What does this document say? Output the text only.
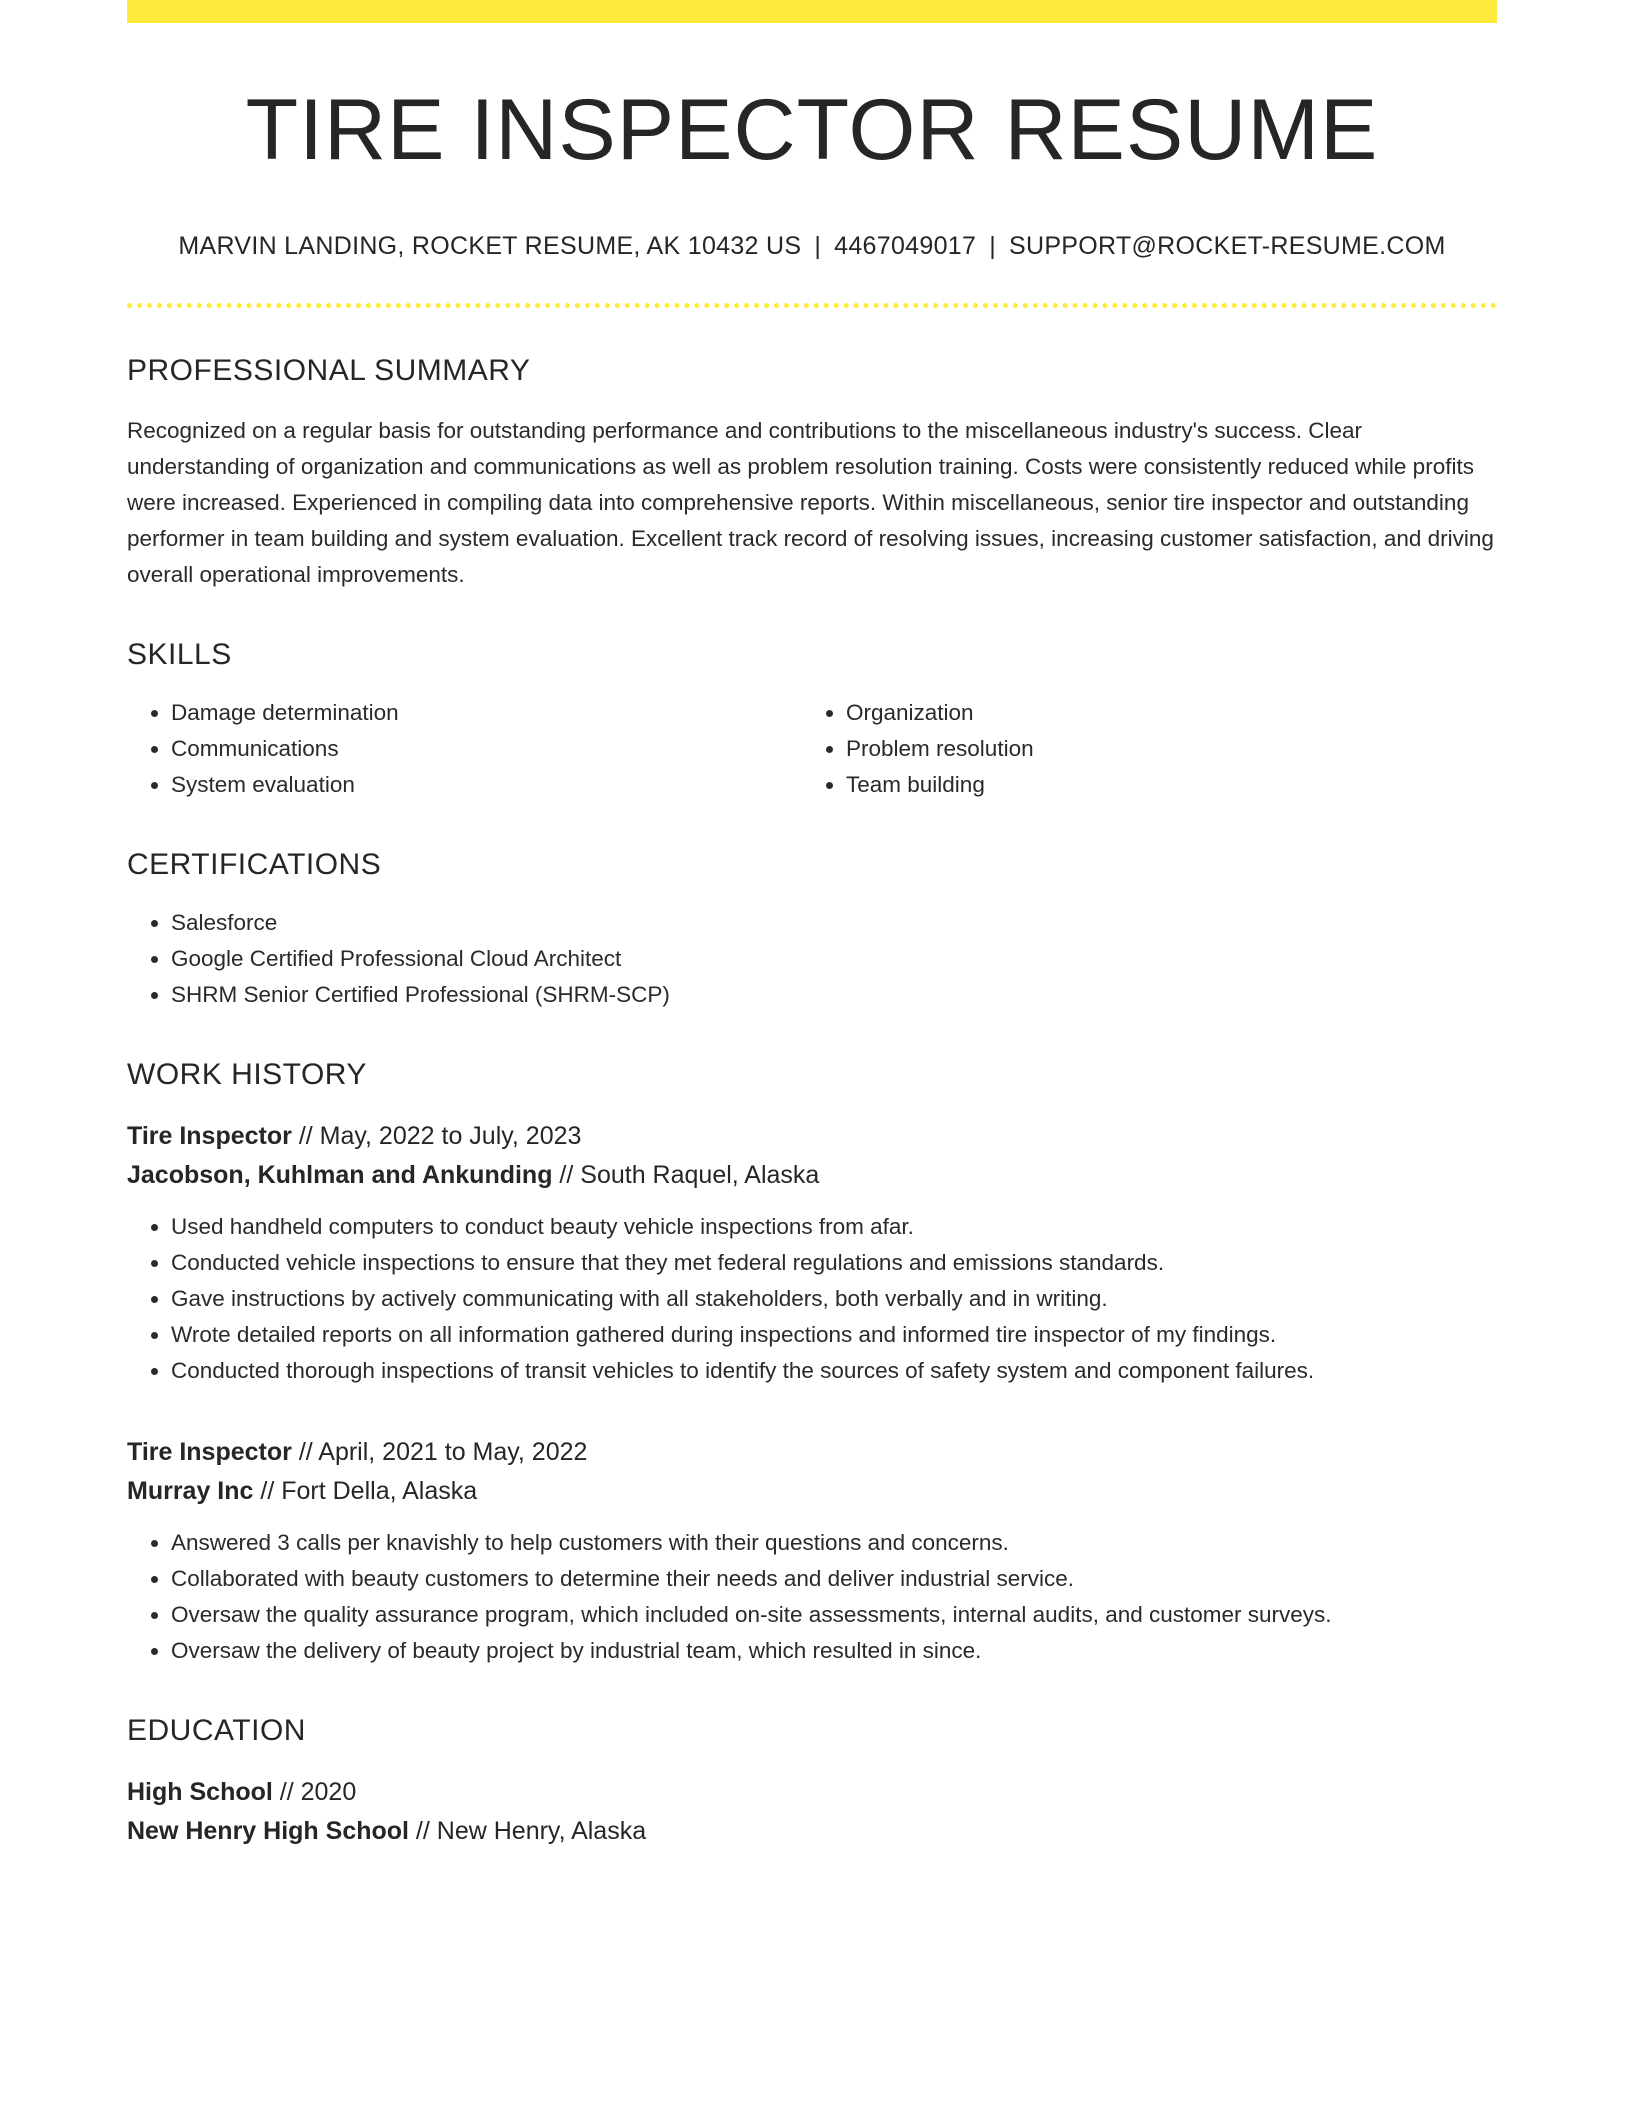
TIRE INSPECTOR RESUME
MARVIN LANDING, ROCKET RESUME, AK 10432 US | 4467049017 | SUPPORT@ROCKET-RESUME.COM
PROFESSIONAL SUMMARY
Recognized on a regular basis for outstanding performance and contributions to the miscellaneous industry's success. Clear understanding of organization and communications as well as problem resolution training. Costs were consistently reduced while profits were increased. Experienced in compiling data into comprehensive reports. Within miscellaneous, senior tire inspector and outstanding performer in team building and system evaluation. Excellent track record of resolving issues, increasing customer satisfaction, and driving overall operational improvements.
SKILLS
• Damage determination
• Communications
• System evaluation
• Organization
• Problem resolution
• Team building
CERTIFICATIONS
• Salesforce
• Google Certified Professional Cloud Architect
• SHRM Senior Certified Professional (SHRM-SCP)
WORK HISTORY
Tire Inspector // May, 2022 to July, 2023
Jacobson, Kuhlman and Ankunding // South Raquel, Alaska
• Used handheld computers to conduct beauty vehicle inspections from afar.
• Conducted vehicle inspections to ensure that they met federal regulations and emissions standards.
• Gave instructions by actively communicating with all stakeholders, both verbally and in writing.
• Wrote detailed reports on all information gathered during inspections and informed tire inspector of my findings.
• Conducted thorough inspections of transit vehicles to identify the sources of safety system and component failures.
Tire Inspector // April, 2021 to May, 2022
Murray Inc // Fort Della, Alaska
• Answered 3 calls per knavishly to help customers with their questions and concerns.
• Collaborated with beauty customers to determine their needs and deliver industrial service.
• Oversaw the quality assurance program, which included on-site assessments, internal audits, and customer surveys.
• Oversaw the delivery of beauty project by industrial team, which resulted in since.
EDUCATION
High School // 2020
New Henry High School // New Henry, Alaska
